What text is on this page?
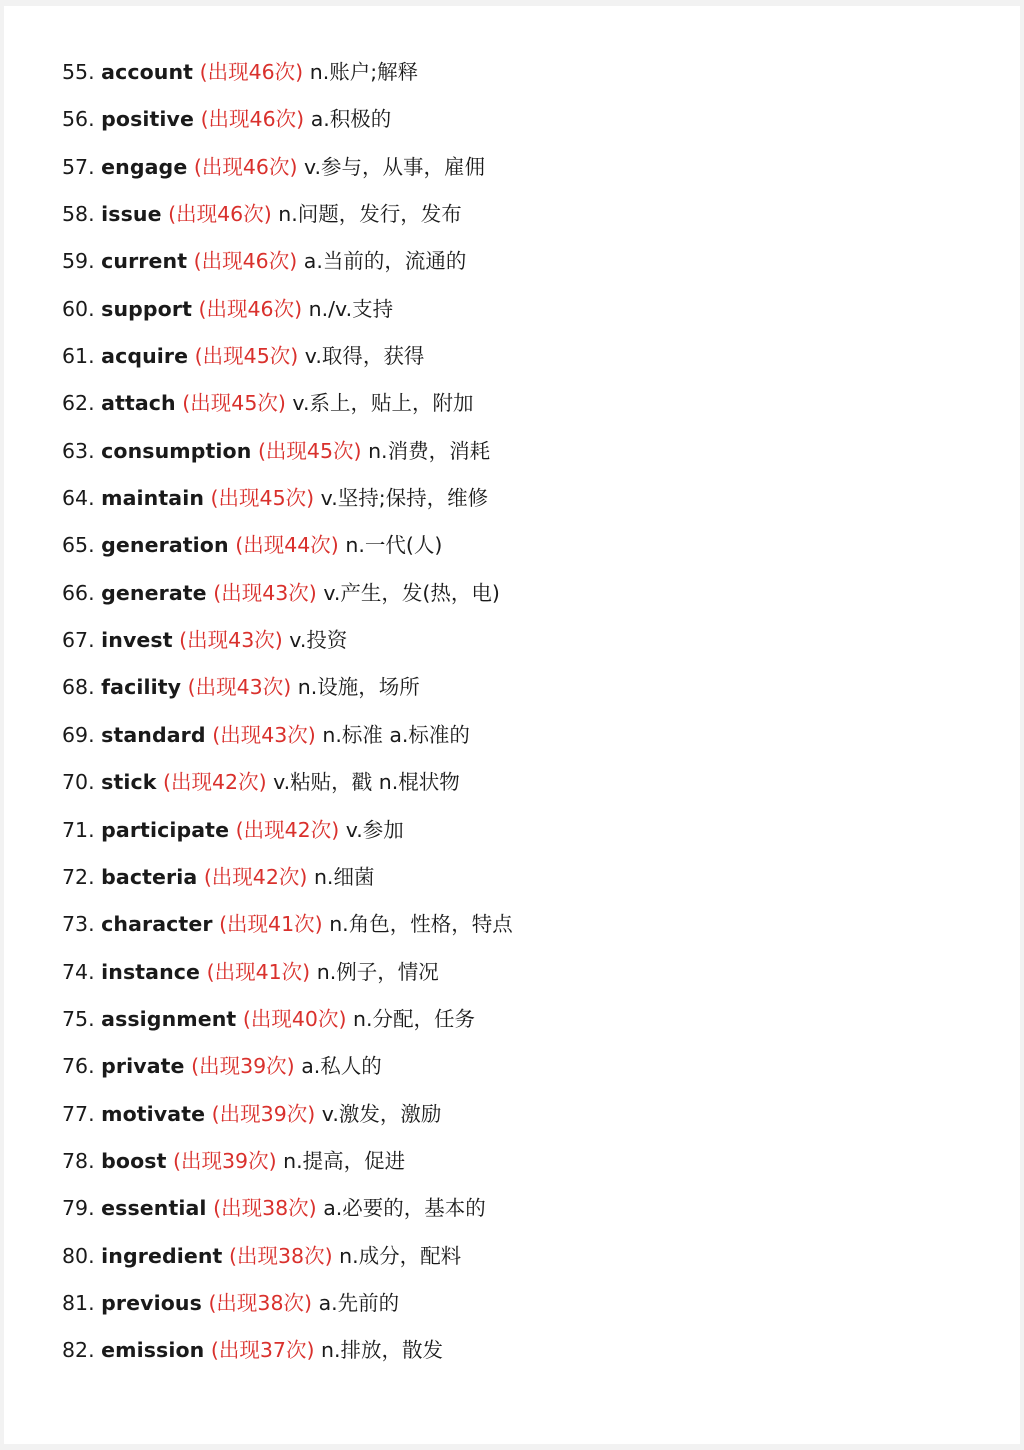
55. account (出现46次) n.账户;解释
56. positive (出现46次) a.积极的
57. engage (出现46次) v.参与，从事，雇佣
58. issue (出现46次) n.问题，发行，发布
59. current (出现46次) a.当前的，流通的
60. support (出现46次) n./v.支持
61. acquire (出现45次) v.取得，获得
62. attach (出现45次) v.系上，贴上，附加
63. consumption (出现45次) n.消费，消耗
64. maintain (出现45次) v.坚持;保持，维修
65. generation (出现44次) n.一代(人)
66. generate (出现43次) v.产生，发(热，电)
67. invest (出现43次) v.投资
68. facility (出现43次) n.设施，场所
69. standard (出现43次) n.标准 a.标准的
70. stick (出现42次) v.粘贴，戳 n.棍状物
71. participate (出现42次) v.参加
72. bacteria (出现42次) n.细菌
73. character (出现41次) n.角色，性格，特点
74. instance (出现41次) n.例子，情况
75. assignment (出现40次) n.分配，任务
76. private (出现39次) a.私人的
77. motivate (出现39次) v.激发，激励
78. boost (出现39次) n.提高，促进
79. essential (出现38次) a.必要的，基本的
80. ingredient (出现38次) n.成分，配料
81. previous (出现38次) a.先前的
82. emission (出现37次) n.排放，散发
